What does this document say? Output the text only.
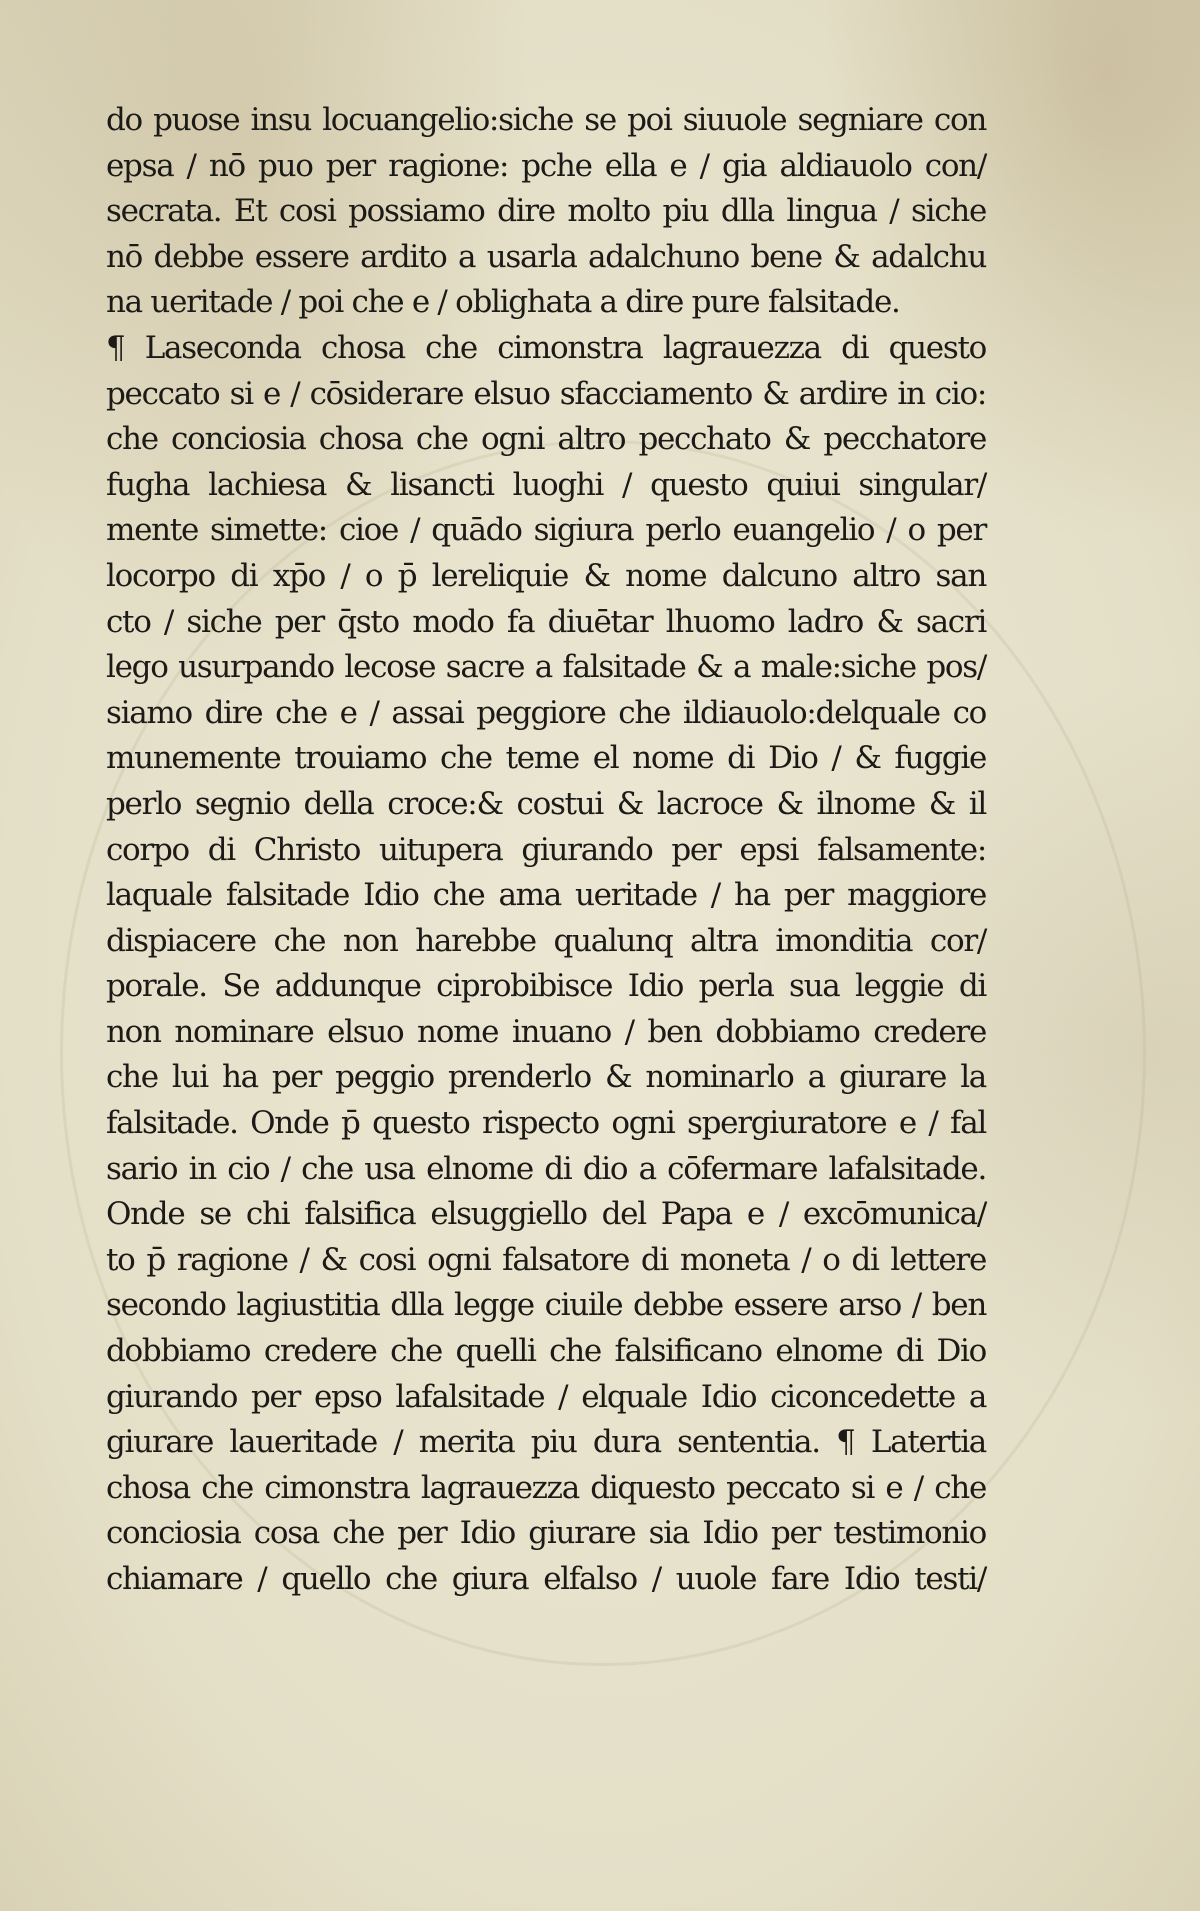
do puose insu locuangelio:siche se poi siuuole segniare con
epsa / nō puo per ragione: pche ella e / gia aldiauolo con/
secrata. Et cosi possiamo dire molto piu dlla lingua / siche
nō debbe essere ardito a usarla adalchuno bene & adalchu
na ueritade / poi che e / oblighata a dire pure falsitade.
¶ Laseconda chosa che cimonstra lagrauezza di questo
peccato si e / cōsiderare elsuo sfacciamento & ardire in cio:
che conciosia chosa che ogni altro pecchato & pecchatore
fugha lachiesa & lisancti luoghi / questo quiui singular/
mente simette: cioe / quādo sigiura perlo euangelio / o per
locorpo di xp̄o / o p̄ lereliquie & nome dalcuno altro san
cto / siche per q̄sto modo fa diuētar lhuomo ladro & sacri
lego usurpando lecose sacre a falsitade & a male:siche pos/
siamo dire che e / assai peggiore che ildiauolo:delquale co
munemente trouiamo che teme el nome di Dio / & fuggie
perlo segnio della croce:& costui & lacroce & ilnome & il
corpo di Christo uitupera giurando per epsi falsamente:
laquale falsitade Idio che ama ueritade / ha per maggiore
dispiacere che non harebbe qualunq altra imonditia cor/
porale. Se addunque ciprobibisce Idio perla sua leggie di
non nominare elsuo nome inuano / ben dobbiamo credere
che lui ha per peggio prenderlo & nominarlo a giurare la
falsitade. Onde p̄ questo rispecto ogni spergiuratore e / fal
sario in cio / che usa elnome di dio a cōfermare lafalsitade.
Onde se chi falsifica elsuggiello del Papa e / excōmunica/
to p̄ ragione / & cosi ogni falsatore di moneta / o di lettere
secondo lagiustitia dlla legge ciuile debbe essere arso / ben
dobbiamo credere che quelli che falsificano elnome di Dio
giurando per epso lafalsitade / elquale Idio ciconcedette a
giurare laueritade / merita piu dura sententia. ¶ Latertia
chosa che cimonstra lagrauezza diquesto peccato si e / che
conciosia cosa che per Idio giurare sia Idio per testimonio
chiamare / quello che giura elfalso / uuole fare Idio testi/
